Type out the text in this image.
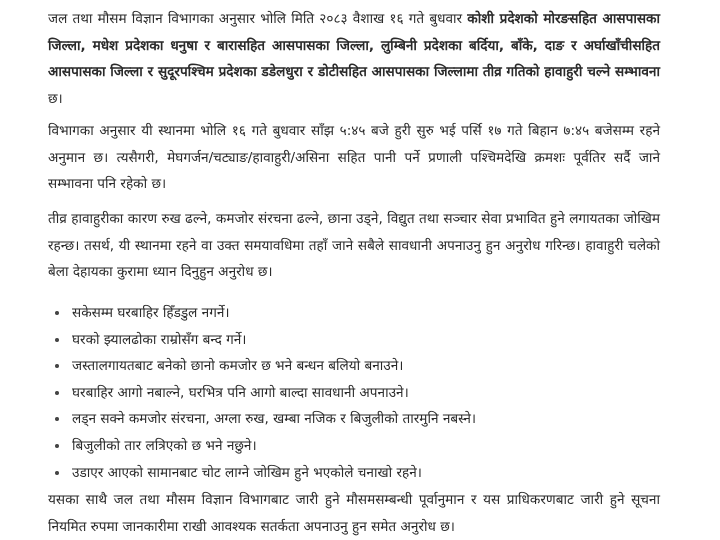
जल तथा मौसम विज्ञान विभागका अनुसार भोलि मिति २०८३ वैशाख १६ गते बुधवार कोशी प्रदेशको मोरङसहित आसपासका जिल्ला, मधेश प्रदेशका धनुषा र बारासहित आसपासका जिल्ला, लुम्बिनी प्रदेशका बर्दिया, बाँके, दाङ र अर्घाखाँचीसहित आसपासका जिल्ला र सुदूरपश्चिम प्रदेशका डडेलधुरा र डोटीसहित आसपासका जिल्लामा तीव्र गतिको हावाहुरी चल्ने सम्भावना छ।

विभागका अनुसार यी स्थानमा भोलि १६ गते बुधवार साँझ ५:४५ बजे हुरी सुरु भई पर्सि १७ गते बिहान ७:४५ बजेसम्म रहने अनुमान छ। त्यसैगरी, मेघगर्जन/चट्याङ/हावाहुरी/असिना सहित पानी पर्ने प्रणाली पश्चिमदेखि क्रमशः पूर्वतिर सर्दै जाने सम्भावना पनि रहेको छ।

तीव्र हावाहुरीका कारण रुख ढल्ने, कमजोर संरचना ढल्ने, छाना उड्ने, विद्युत तथा सञ्चार सेवा प्रभावित हुने लगायतका जोखिम रहन्छ। तसर्थ, यी स्थानमा रहने वा उक्त समयावधिमा तहाँ जाने सबैले सावधानी अपनाउनु हुन अनुरोध गरिन्छ। हावाहुरी चलेको बेला देहायका कुरामा ध्यान दिनुहुन अनुरोध छ।

सकेसम्म घरबाहिर हिँडडुल नगर्ने।
घरको झ्यालढोका राम्रोसँग बन्द गर्ने।
जस्तालगायतबाट बनेको छानो कमजोर छ भने बन्धन बलियो बनाउने।
घरबाहिर आगो नबाल्ने, घरभित्र पनि आगो बाल्दा सावधानी अपनाउने।
लड्न सक्ने कमजोर संरचना, अग्ला रुख, खम्बा नजिक र बिजुलीको तारमुनि नबस्ने।
बिजुलीको तार लत्रिएको छ भने नछुने।
उडाएर आएको सामानबाट चोट लाग्ने जोखिम हुने भएकोले चनाखो रहने।

यसका साथै जल तथा मौसम विज्ञान विभागबाट जारी हुने मौसमसम्बन्धी पूर्वानुमान र यस प्राधिकरणबाट जारी हुने सूचना नियमित रुपमा जानकारीमा राखी आवश्यक सतर्कता अपनाउनु हुन समेत अनुरोध छ।
